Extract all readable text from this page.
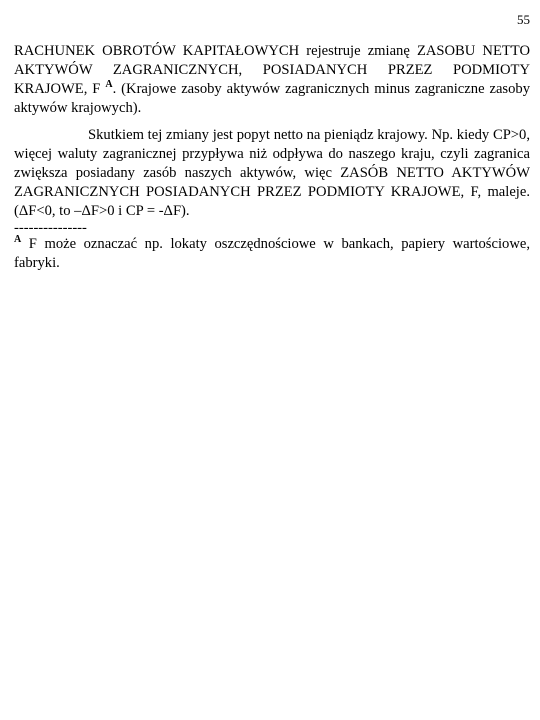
55

RACHUNEK OBROTÓW KAPITAŁOWYCH rejestruje zmianę ZASOBU NETTO AKTYWÓW ZAGRANICZNYCH, POSIADANYCH PRZEZ PODMIOTY KRAJOWE, F $^A$. (Krajowe zasoby aktywów zagranicznych minus zagraniczne zasoby aktywów krajowych).

Skutkiem tej zmiany jest popyt netto na pieniądz krajowy. Np. kiedy CP>0, więcej waluty zagranicznej przypływa niż odpływa do naszego kraju, czyli zagranica zwiększa posiadany zasób naszych aktywów, więc ZASÓB NETTO AKTYWÓW ZAGRANICZNYCH POSIADANYCH PRZEZ PODMIOTY KRAJOWE, F, maleje. (ΔF<0, to –ΔF>0 i CP = -ΔF).

---------------

$^A$ F może oznaczać np. lokaty oszczędnościowe w bankach, papiery wartościowe, fabryki.
